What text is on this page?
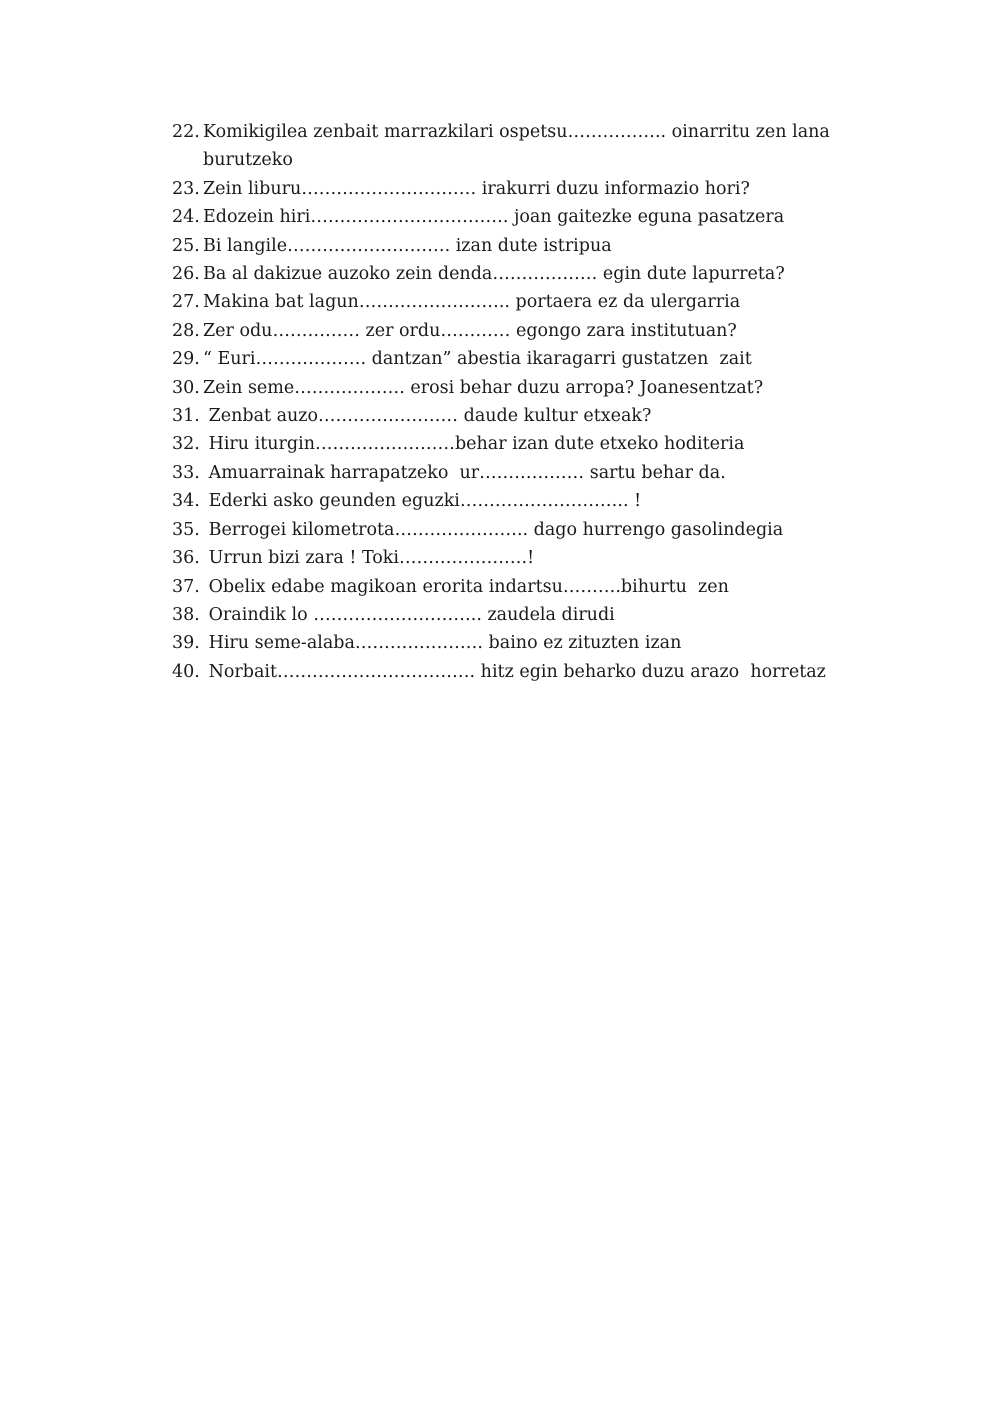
22. Komikigilea zenbait marrazkilari ospetsu…………….. oinarritu zen lana burutzeko
23. Zein liburu………………………… irakurri duzu informazio hori?
24. Edozein hiri……………………………. joan gaitezke eguna pasatzera
25. Bi langile………………………. izan dute istripua
26. Ba al dakizue auzoko zein denda……………… egin dute lapurreta?
27. Makina bat lagun…………………….. portaera ez da ulergarria
28. Zer odu…………… zer ordu………… egongo zara institutuan?
29. “ Euri………………. dantzan” abestia ikaragarri gustatzen  zait
30. Zein seme………………. erosi behar duzu arropa? Joanesentzat?
31. Zenbat auzo…………………… daude kultur etxeak?
32. Hiru iturgin……………………behar izan dute etxeko hoditeria
33. Amuarrainak harrapatzeko  ur……………… sartu behar da.
34. Ederki asko geunden eguzki……………………….. !
35. Berrogei kilometrota………………….. dago hurrengo gasolindegia
36. Urrun bizi zara ! Toki………………….!
37. Obelix edabe magikoan erorita indartsu……….bihurtu  zen
38. Oraindik lo ……………………….. zaudela dirudi
39. Hiru seme-alaba…………………. baino ez zituzten izan
40. Norbait……………………………. hitz egin beharko duzu arazo  horretaz
